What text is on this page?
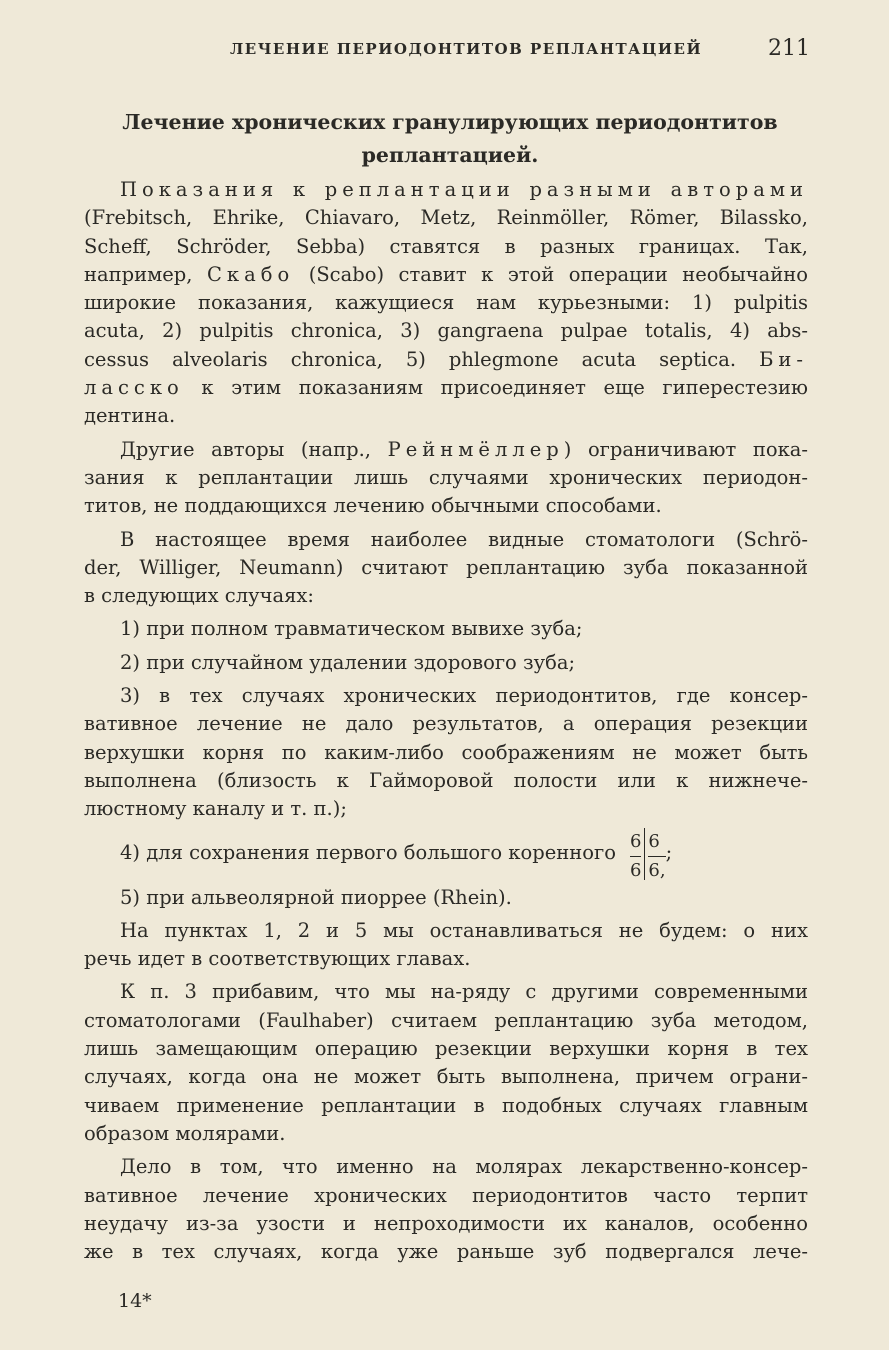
ЛЕЧЕНИЕ ПЕРИОДОНТИТОВ РЕПЛАНТАЦИЕЙ	211
Лечение хронических гранулирующих периодонтитов
реплантацией.
Показания к реплантации разными авторами
(Frebitsch, Ehrike, Chiavaro, Metz, Reinmöller, Römer, Bilassko,
Scheff, Schröder, Sebba) ставятся в разных границах. Так,
например, Скабо (Scabo) ставит к этой операции необычайно
широкие показания, кажущиеся нам курьезными: 1) pulpitis
acuta, 2) pulpitis chronica, 3) gangraena pulpae totalis, 4) abs-
cessus alveolaris chronica, 5) phlegmone acuta septica. Би-
ласско к этим показаниям присоединяет еще гиперестезию
дентина.
Другие авторы (напр., Рейнмёллер) ограничивают пока-
зания к реплантации лишь случаями хронических периодон-
титов, не поддающихся лечению обычными способами.
В настоящее время наиболее видные стоматологи (Schrö-
der, Williger, Neumann) считают реплантацию зуба показанной
в следующих случаях:
1) при полном травматическом вывихе зуба;
2) при случайном удалении здорового зуба;
3) в тех случаях хронических периодонтитов, где консер-
вативное лечение не дало результатов, а операция резекции
верхушки корня по каким-либо соображениям не может быть
выполнена (близость к Гайморовой полости или к нижнече-
люстному каналу и т. п.);
4) для сохранения первого большого коренного
6
6
6
6,
;
5) при альвеолярной пиоррее (Rhein).
На пунктах 1, 2 и 5 мы останавливаться не будем: о них
речь идет в соответствующих главах.
К п. 3 прибавим, что мы на-ряду с другими современными
стоматологами (Faulhaber) считаем реплантацию зуба методом,
лишь замещающим операцию резекции верхушки корня в тех
случаях, когда она не может быть выполнена, причем ограни-
чиваем применение реплантации в подобных случаях главным
образом молярами.
Дело в том, что именно на молярах лекарственно-консер-
вативное лечение хронических периодонтитов часто терпит
неудачу из-за узости и непроходимости их каналов, особенно
же в тех случаях, когда уже раньше зуб подвергался лече-
14*
